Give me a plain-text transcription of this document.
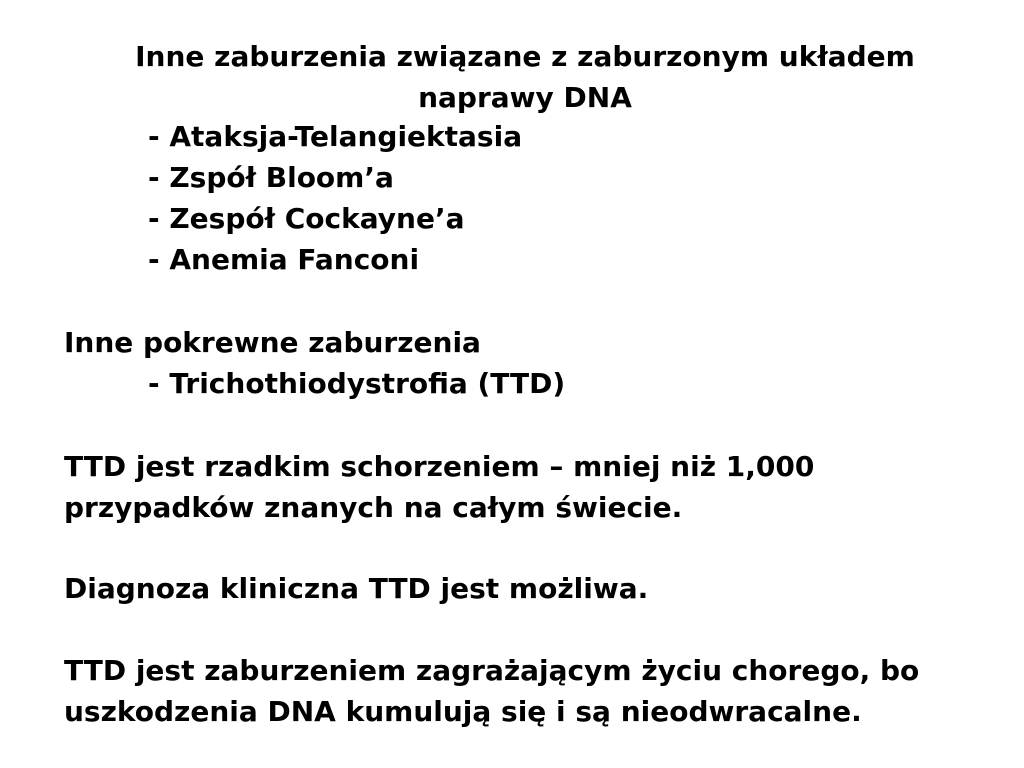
Inne zaburzenia związane z zaburzonym układem
naprawy DNA
- Ataksja-Telangiektasia
- Zspół Bloom’a
- Zespół Cockayne’a
- Anemia Fanconi
Inne pokrewne zaburzenia
- Trichothiodystrofia (TTD)
TTD jest rzadkim schorzeniem – mniej niż 1,000
przypadków znanych na całym świecie.
Diagnoza kliniczna TTD jest możliwa.
TTD jest zaburzeniem zagrażającym życiu chorego, bo
uszkodzenia DNA kumulują się i są nieodwracalne.
